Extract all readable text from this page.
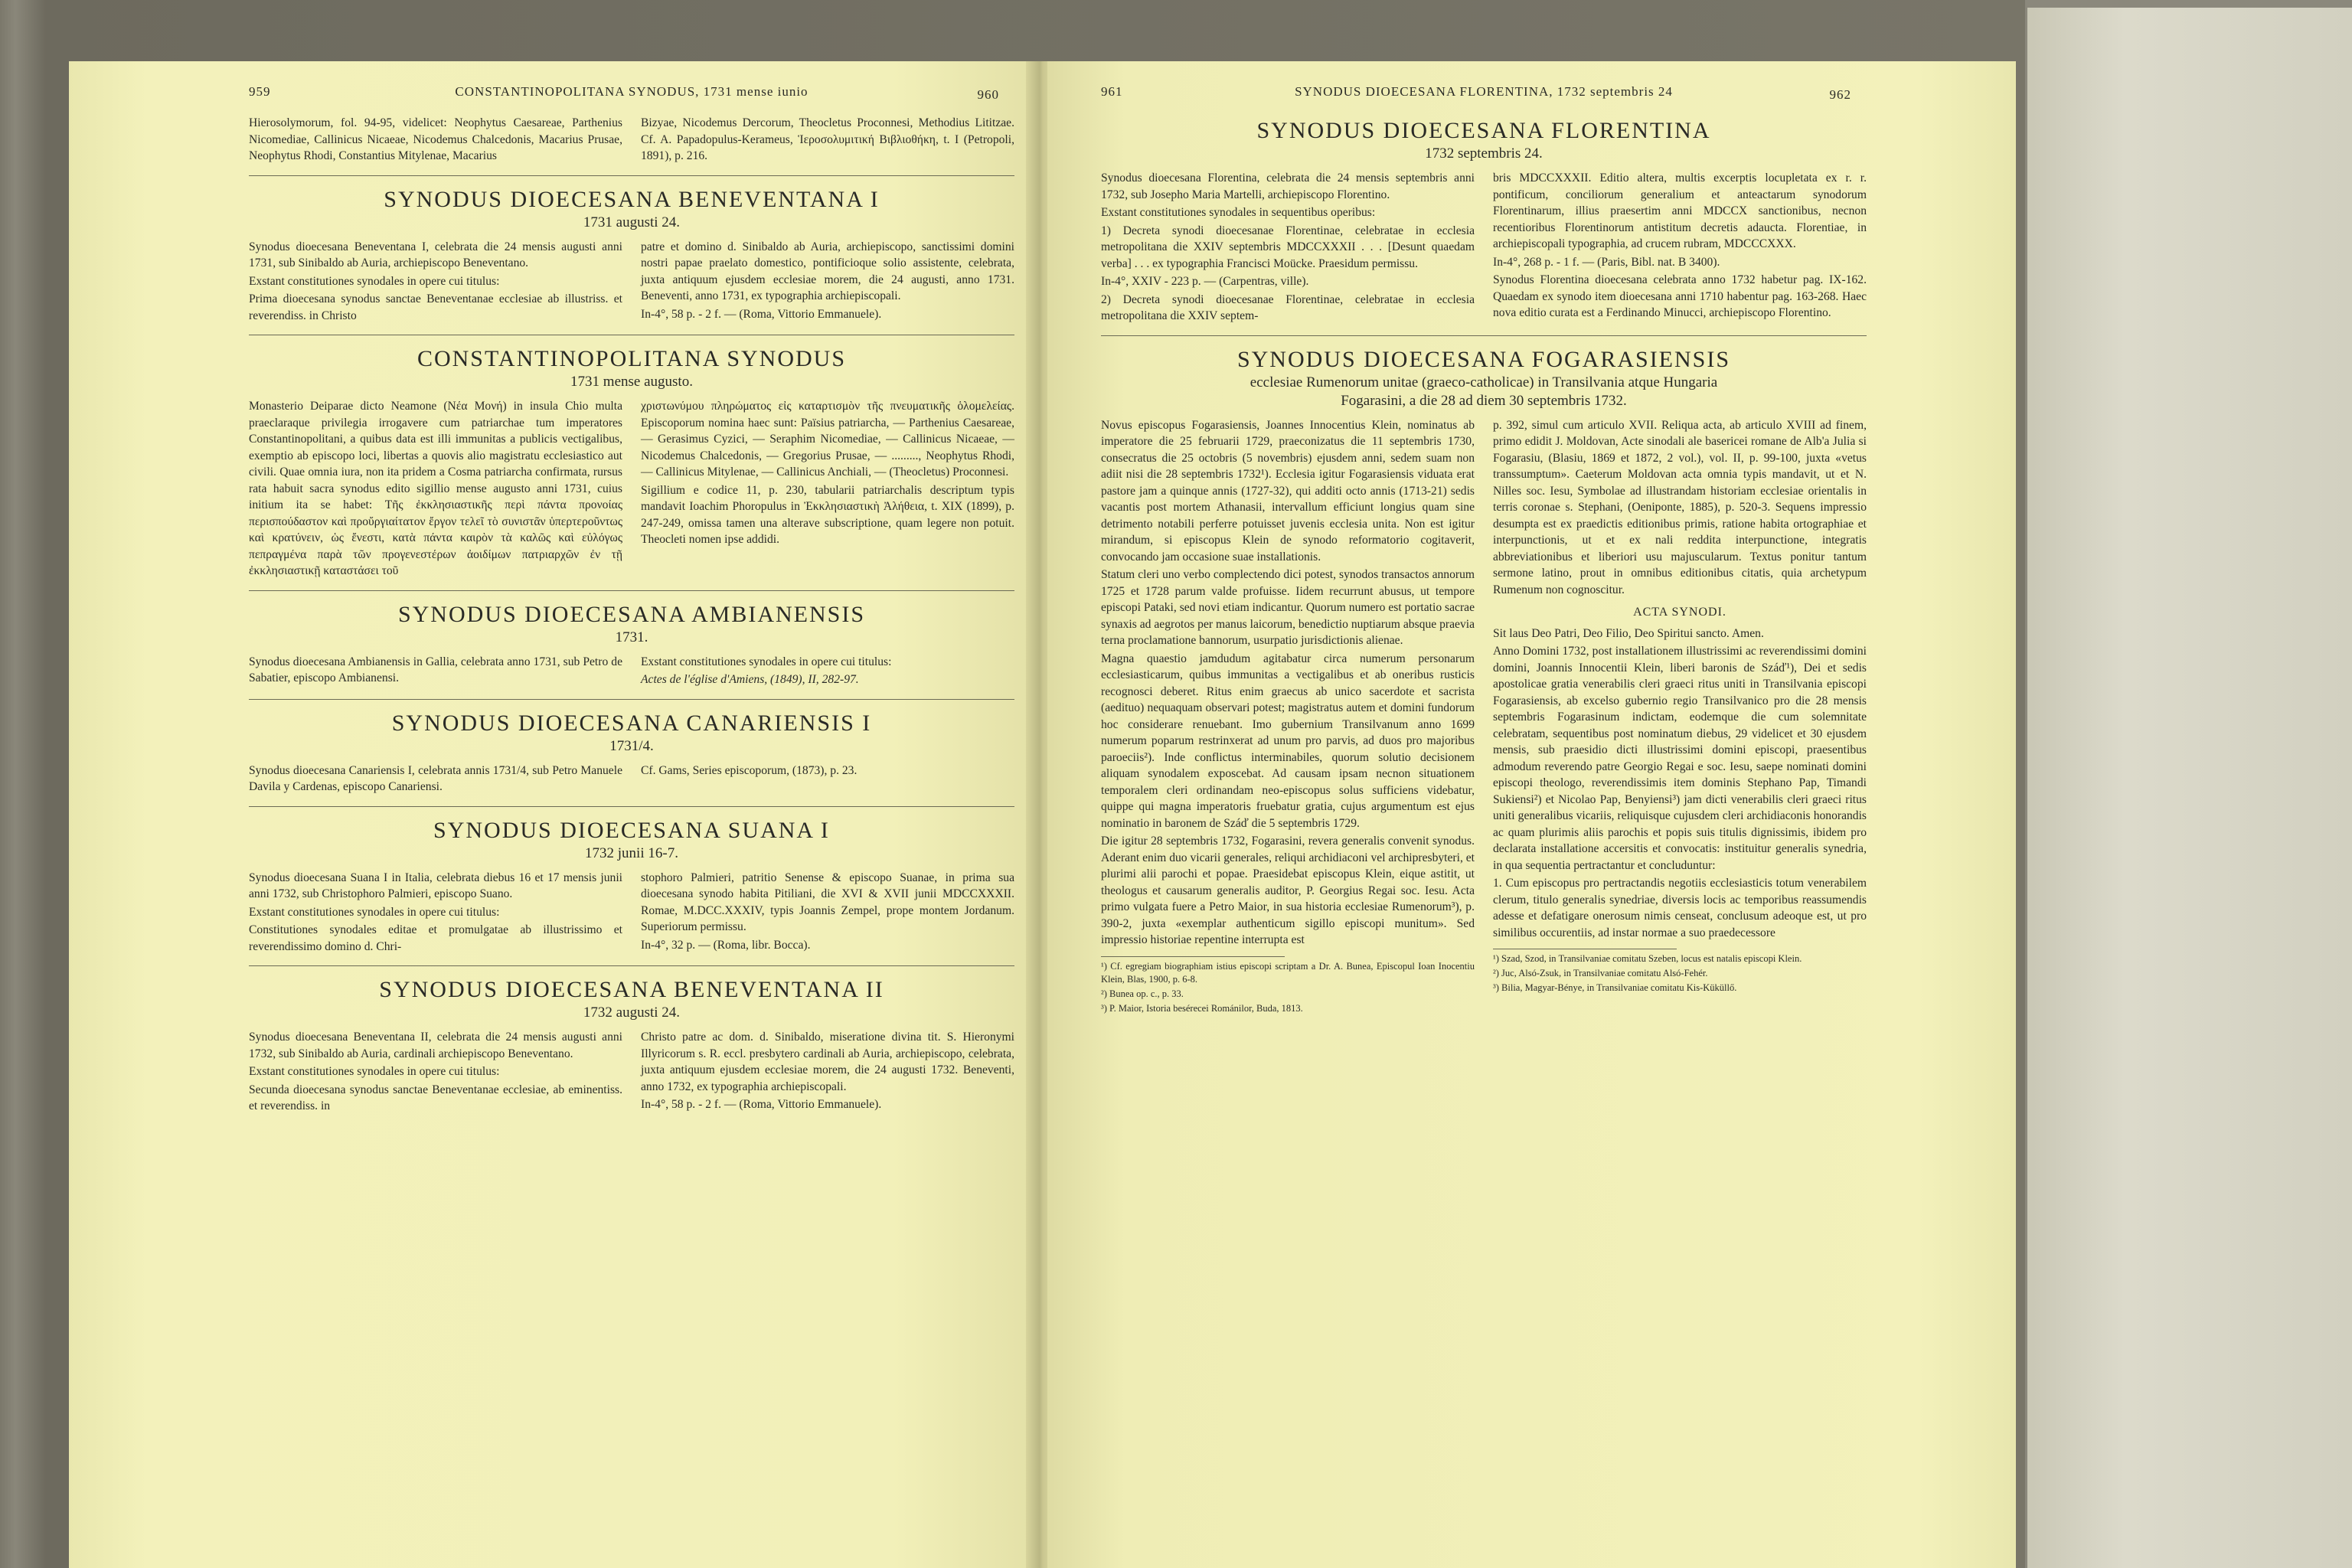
959	CONSTANTINOPOLITANA SYNODUS, 1731 mense iunio	960

Hierosolymorum, fol. 94-95, videlicet: Neophytus Caesareae, Parthenius Nicomediae, Callinicus Nicaeae, Nicodemus Chalcedonis, Macarius Prusae, Neophytus Rhodi, Constantius Mitylenae, Macarius

Bizyae, Nicodemus Dercorum, Theocletus Proconnesi, Methodius Lititzae. Cf. A. Papadopulus-Kerameus, Ἱεροσολυμιτική Βιβλιοθήκη, t. I (Petropoli, 1891), p. 216.

SYNODUS DIOECESANA BENEVENTANA I
1731 augusti 24.

Synodus dioecesana Beneventana I, celebrata die 24 mensis augusti anni 1731, sub Sinibaldo ab Auria, archiepiscopo Beneventano.

Exstant constitutiones synodales in opere cui titulus:

Prima dioecesana synodus sanctae Beneventanae ecclesiae ab illustriss. et reverendiss. in Christo

patre et domino d. Sinibaldo ab Auria, archiepiscopo, sanctissimi domini nostri papae praelato domestico, pontificioque solio assistente, celebrata, juxta antiquum ejusdem ecclesiae morem, die 24 augusti, anno 1731. Beneventi, anno 1731, ex typographia archiepiscopali.

In-4°, 58 p. - 2 f. — (Roma, Vittorio Emmanuele).

CONSTANTINOPOLITANA SYNODUS
1731 mense augusto.

Monasterio Deiparae dicto Neamone (Νέα Μονή) in insula Chio multa praeclaraque privilegia irrogavere cum patriarchae tum imperatores Constantinopolitani, a quibus data est illi immunitas a publicis vectigalibus, exemptio ab episcopo loci, libertas a quovis alio magistratu ecclesiastico aut civili. Quae omnia iura, non ita pridem a Cosma patriarcha confirmata, rursus rata habuit sacra synodus edito sigillio mense augusto anni 1731, cuius initium ita se habet: Τῆς ἐκκλησιαστικῆς περὶ πάντα προνοίας περισπούδαστον καὶ προὔργιαίτατον ἔργον τελεῖ τὸ συνιστᾶν ὑπερτεροῦντως καὶ κρατύνειν, ὡς ἔνεστι, κατὰ πάντα καιρὸν τὰ καλῶς καὶ εὐλόγως πεπραγμένα παρὰ τῶν προγενεστέρων ἀοιδίμων πατριαρχῶν ἐν τῇ ἐκκλησιαστικῇ καταστάσει τοῦ

χριστωνύμου πληρώματος εἰς καταρτισμὸν τῆς πνευματικῆς ὁλομελείας. Episcoporum nomina haec sunt: Païsius patriarcha, — Parthenius Caesareae, — Gerasimus Cyzici, — Seraphim Nicomediae, — Callinicus Nicaeae, — Nicodemus Chalcedonis, — Gregorius Prusae, — ........., Neophytus Rhodi, — Callinicus Mitylenae, — Callinicus Anchiali, — (Theocletus) Proconnesi.

Sigillium e codice 11, p. 230, tabularii patriarchalis descriptum typis mandavit Ioachim Phoropulus in Ἐκκλησιαστικὴ Ἀλήθεια, t. XIX (1899), p. 247-249, omissa tamen una alterave subscriptione, quam legere non potuit. Theocleti nomen ipse addidi.

SYNODUS DIOECESANA AMBIANENSIS
1731.

Synodus dioecesana Ambianensis in Gallia, celebrata anno 1731, sub Petro de Sabatier, episcopo Ambianensi.

Exstant constitutiones synodales in opere cui titulus:

Actes de l'église d'Amiens, (1849), II, 282-97.

SYNODUS DIOECESANA CANARIENSIS I
1731/4.

Synodus dioecesana Canariensis I, celebrata annis 1731/4, sub Petro Manuele Davila y Cardenas, episcopo Canariensi.

Cf. Gams, Series episcoporum, (1873), p. 23.

SYNODUS DIOECESANA SUANA I
1732 junii 16-7.

Synodus dioecesana Suana I in Italia, celebrata diebus 16 et 17 mensis junii anni 1732, sub Christophoro Palmieri, episcopo Suano.

Exstant constitutiones synodales in opere cui titulus:

Constitutiones synodales editae et promulgatae ab illustrissimo et reverendissimo domino d. Chri-

stophoro Palmieri, patritio Senense & episcopo Suanae, in prima sua dioecesana synodo habita Pitiliani, die XVI & XVII junii MDCCXXXII. Romae, M.DCC.XXXIV, typis Joannis Zempel, prope montem Jordanum. Superiorum permissu.

In-4°, 32 p. — (Roma, libr. Bocca).

SYNODUS DIOECESANA BENEVENTANA II
1732 augusti 24.

Synodus dioecesana Beneventana II, celebrata die 24 mensis augusti anni 1732, sub Sinibaldo ab Auria, cardinali archiepiscopo Beneventano.

Exstant constitutiones synodales in opere cui titulus:

Secunda dioecesana synodus sanctae Beneventanae ecclesiae, ab eminentiss. et reverendiss. in

Christo patre ac dom. d. Sinibaldo, miseratione divina tit. S. Hieronymi Illyricorum s. R. eccl. presbytero cardinali ab Auria, archiepiscopo, celebrata, juxta antiquum ejusdem ecclesiae morem, die 24 augusti 1732. Beneventi, anno 1732, ex typographia archiepiscopali.

In-4°, 58 p. - 2 f. — (Roma, Vittorio Emmanuele).

961	SYNODUS DIOECESANA FLORENTINA, 1732 septembris 24	962
SYNODUS DIOECESANA FLORENTINA
1732 septembris 24.

Synodus dioecesana Florentina, celebrata die 24 mensis septembris anni 1732, sub Josepho Maria Martelli, archiepiscopo Florentino.

Exstant constitutiones synodales in sequentibus operibus:

1) Decreta synodi dioecesanae Florentinae, celebratae in ecclesia metropolitana die XXIV septembris MDCCXXXII . . . [Desunt quaedam verba] . . . ex typographia Francisci Moücke. Praesidum permissu.

In-4°, XXIV - 223 p. — (Carpentras, ville).

2) Decreta synodi dioecesanae Florentinae, celebratae in ecclesia metropolitana die XXIV septem-

bris MDCCXXXII. Editio altera, multis excerptis locupletata ex r. r. pontificum, conciliorum generalium et anteactarum synodorum Florentinarum, illius praesertim anni MDCCX sanctionibus, necnon recentioribus Florentinorum antistitum decretis adaucta. Florentiae, in archiepiscopali typographia, ad crucem rubram, MDCCCXXX.

In-4°, 268 p. - 1 f. — (Paris, Bibl. nat. B 3400).

Synodus Florentina dioecesana celebrata anno 1732 habetur pag. IX-162. Quaedam ex synodo item dioecesana anni 1710 habentur pag. 163-268. Haec nova editio curata est a Ferdinando Minucci, archiepiscopo Florentino.

SYNODUS DIOECESANA FOGARASIENSIS
ecclesiae Rumenorum unitae (graeco-catholicae) in Transilvania atque Hungaria
Fogarasini, a die 28 ad diem 30 septembris 1732.

Novus episcopus Fogarasiensis, Joannes Innocentius Klein, nominatus ab imperatore die 25 februarii 1729, praeconizatus die 11 septembris 1730, consecratus die 25 octobris (5 novembris) ejusdem anni, sedem suam non adiit nisi die 28 septembris 1732¹). Ecclesia igitur Fogarasiensis viduata erat pastore jam a quinque annis (1727-32), qui additi octo annis (1713-21) sedis vacantis post mortem Athanasii, intervallum efficiunt longius quam sine detrimento notabili perferre potuisset juvenis ecclesia unita. Non est igitur mirandum, si episcopus Klein de synodo reformatorio cogitaverit, convocando jam occasione suae installationis.

Statum cleri uno verbo complectendo dici potest, synodos transactos annorum 1725 et 1728 parum valde profuisse. Iidem recurrunt abusus, ut tempore episcopi Pataki, sed novi etiam indicantur. Quorum numero est portatio sacrae synaxis ad aegrotos per manus laicorum, benedictio nuptiarum absque praevia terna proclamatione bannorum, usurpatio jurisdictionis alienae.

Magna quaestio jamdudum agitabatur circa numerum personarum ecclesiasticarum, quibus immunitas a vectigalibus et ab oneribus rusticis recognosci deberet. Ritus enim graecus ab unico sacerdote et sacrista (aedituo) nequaquam observari potest; magistratus autem et domini fundorum hoc considerare renuebant. Imo gubernium Transilvanum anno 1699 numerum poparum restrinxerat ad unum pro parvis, ad duos pro majoribus paroeciis²). Inde conflictus interminabiles, quorum solutio decisionem aliquam synodalem exposcebat. Ad causam ipsam necnon situationem temporalem cleri ordinandam neo-episcopus solus sufficiens videbatur, quippe qui magna imperatoris fruebatur gratia, cujus argumentum est ejus nominatio in baronem de Száď die 5 septembris 1729.

Die igitur 28 septembris 1732, Fogarasini, revera generalis convenit synodus. Aderant enim duo vicarii generales, reliqui archidiaconi vel archipresbyteri, et plurimi alii parochi et popae. Praesidebat episcopus Klein, eique astitit, ut theologus et causarum generalis auditor, P. Georgius Regai soc. Iesu. Acta primo vulgata fuere a Petro Maior, in sua historia ecclesiae Rumenorum³), p. 390-2, juxta «exemplar authenticum sigillo episcopi munitum». Sed impressio historiae repentine interrupta est

¹) Cf. egregiam biographiam istius episcopi scriptam a Dr. A. Bunea, Episcopul Ioan Inocentiu Klein, Blas, 1900, p. 6-8.

²) Bunea op. c., p. 33.

³) P. Maior, Istoria besérecei Románilor, Buda, 1813.

p. 392, simul cum articulo XVII. Reliqua acta, ab articulo XVIII ad finem, primo edidit J. Moldovan, Acte sinodali ale basericei romane de Alb'a Julia si Fogarasiu, (Blasiu, 1869 et 1872, 2 vol.), vol. II, p. 99-100, juxta «vetus transsumptum». Caeterum Moldovan acta omnia typis mandavit, ut et N. Nilles soc. Iesu, Symbolae ad illustrandam historiam ecclesiae orientalis in terris coronae s. Stephani, (Oeniponte, 1885), p. 520-3. Sequens impressio desumpta est ex praedictis editionibus primis, ratione habita ortographiae et interpunctionis, ut et ex nali reddita interpunctione, integratis abbreviationibus et liberiori usu majuscularum. Textus ponitur tantum sermone latino, prout in omnibus editionibus citatis, quia archetypum Rumenum non cognoscitur.

ACTA SYNODI.

Sit laus Deo Patri, Deo Filio, Deo Spiritui sancto. Amen.

Anno Domini 1732, post installationem illustrissimi ac reverendissimi domini domini, Joannis Innocentii Klein, liberi baronis de Száď¹), Dei et sedis apostolicae gratia venerabilis cleri graeci ritus uniti in Transilvania episcopi Fogarasiensis, ab excelso gubernio regio Transilvanico pro die 28 mensis septembris Fogarasinum indictam, eodemque die cum solemnitate celebratam, sequentibus post nominatum diebus, 29 videlicet et 30 ejusdem mensis, sub praesidio dicti illustrissimi domini episcopi, praesentibus admodum reverendo patre Georgio Regai e soc. Iesu, saepe nominati domini episcopi theologo, reverendissimis item dominis Stephano Pap, Timandi Sukiensi²) et Nicolao Pap, Benyiensi³) jam dicti venerabilis cleri graeci ritus uniti generalibus vicariis, reliquisque cujusdem cleri archidiaconis honorandis ac quam plurimis aliis parochis et popis suis titulis dignissimis, ibidem pro declarata installatione accersitis et convocatis: instituitur generalis synedria, in qua sequentia pertractantur et concluduntur:

1. Cum episcopus pro pertractandis negotiis ecclesiasticis totum venerabilem clerum, titulo generalis synedriae, diversis locis ac temporibus reassumendis adesse et defatigare onerosum nimis censeat, conclusum adeoque est, ut pro similibus occurentiis, ad instar normae a suo praedecessore

¹) Szad, Szod, in Transilvaniae comitatu Szeben, locus est natalis episcopi Klein.

²) Juc, Alsó-Zsuk, in Transilvaniae comitatu Alsó-Fehér.

³) Bilia, Magyar-Bénye, in Transilvaniae comitatu Kis-Küküllő.
